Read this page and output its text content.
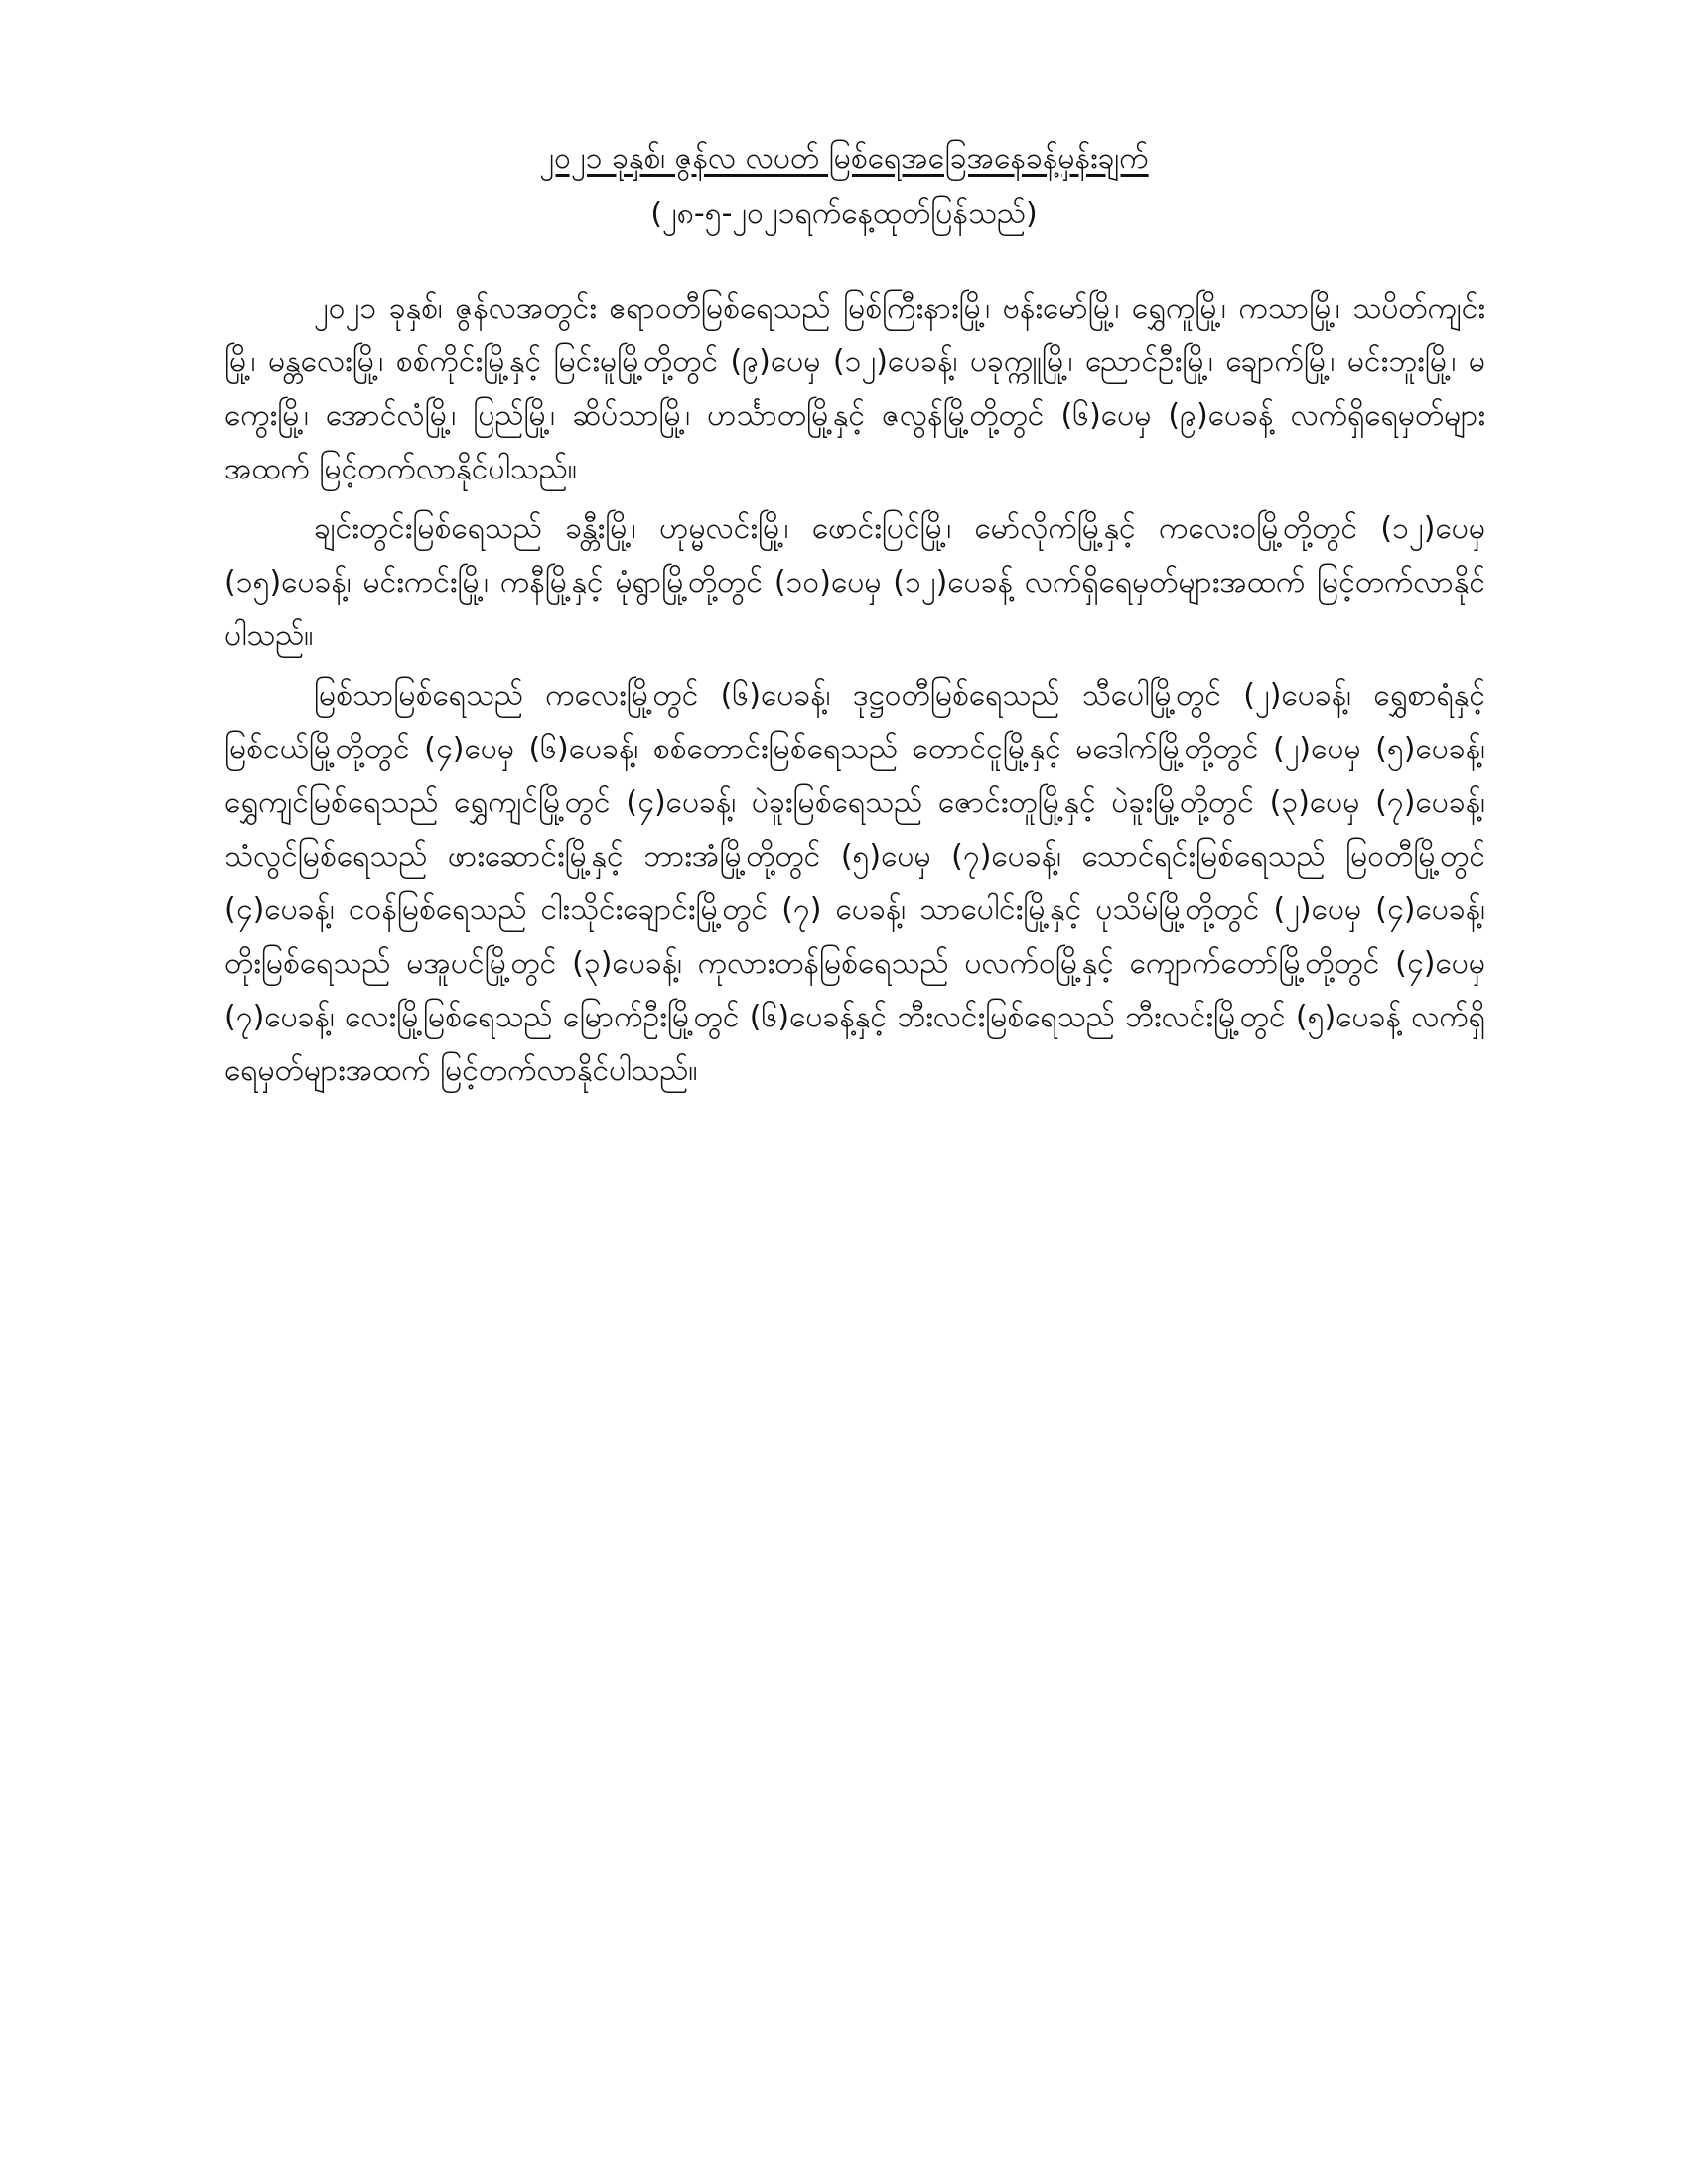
၂၀၂၁ ခုနှစ်၊ ဇွန်လ လပတ် မြစ်ရေအခြေအနေခန့်မှန်းချက်
(၂၈-၅-၂၀၂၁ရက်နေ့ထုတ်ပြန်သည်)

၂၀၂၁ ခုနှစ်၊ ဇွန်လအတွင်း ဧရာဝတီမြစ်ရေသည် မြစ်ကြီးနားမြို့၊ ဗန်းမော်မြို့၊ ရွှေကူမြို့၊ ကသာမြို့၊ သပိတ်ကျင်းမြို့၊ မန္တလေးမြို့၊ စစ်ကိုင်းမြို့နှင့် မြင်းမူမြို့တို့တွင် (၉)ပေမှ (၁၂)ပေခန့်၊ ပခုက္ကူမြို့၊ ညောင်ဦးမြို့၊ ချောက်မြို့၊ မင်းဘူးမြို့၊ မကွေးမြို့၊ အောင်လံမြို့၊ ပြည်မြို့၊ ဆိပ်သာမြို့၊ ဟင်္သာတမြို့နှင့် ဇလွန်မြို့တို့တွင် (၆)ပေမှ (၉)ပေခန့် လက်ရှိရေမှတ်များအထက် မြင့်တက်လာနိုင်ပါသည်။

ချင်းတွင်းမြစ်ရေသည် ခန္တီးမြို့၊ ဟုမ္မလင်းမြို့၊ ဖောင်းပြင်မြို့၊ မော်လိုက်မြို့နှင့် ကလေးဝမြို့တို့တွင် (၁၂)ပေမှ (၁၅)ပေခန့်၊ မင်းကင်းမြို့၊ ကနီမြို့နှင့် မုံရွာမြို့တို့တွင် (၁၀)ပေမှ (၁၂)ပေခန့် လက်ရှိရေမှတ်များအထက် မြင့်တက်လာနိုင်ပါသည်။

မြစ်သာမြစ်ရေသည် ကလေးမြို့တွင် (၆)ပေခန့်၊ ဒုဋ္ဌဝတီမြစ်ရေသည် သီပေါမြို့တွင် (၂)ပေခန့်၊ ရွှေစာရံနှင့် မြစ်ငယ်မြို့တို့တွင် (၄)ပေမှ (၆)ပေခန့်၊ စစ်တောင်းမြစ်ရေသည် တောင်ငူမြို့နှင့် မဒေါက်မြို့တို့တွင် (၂)ပေမှ (၅)ပေခန့်၊ ရွှေကျင်မြစ်ရေသည် ရွှေကျင်မြို့တွင် (၄)ပေခန့်၊ ပဲခူးမြစ်ရေသည် ဇောင်းတူမြို့နှင့် ပဲခူးမြို့တို့တွင် (၃)ပေမှ (၇)ပေခန့်၊ သံလွင်မြစ်ရေသည် ဖားဆောင်းမြို့နှင့် ဘားအံမြို့တို့တွင် (၅)ပေမှ (၇)ပေခန့်၊ သောင်ရင်းမြစ်ရေသည် မြဝတီမြို့တွင် (၄)ပေခန့်၊ ငဝန်မြစ်ရေသည် ငါးသိုင်းချောင်းမြို့တွင် (၇) ပေခန့်၊ သာပေါင်းမြို့နှင့် ပုသိမ်မြို့တို့တွင် (၂)ပေမှ (၄)ပေခန့်၊ တိုးမြစ်ရေသည် မအူပင်မြို့တွင် (၃)ပေခန့်၊ ကုလားတန်မြစ်ရေသည် ပလက်ဝမြို့နှင့် ကျောက်တော်မြို့တို့တွင် (၄)ပေမှ (၇)ပေခန့်၊ လေးမြို့မြစ်ရေသည် မြောက်ဦးမြို့တွင် (၆)ပေခန့်နှင့် ဘီးလင်းမြစ်ရေသည် ဘီးလင်းမြို့တွင် (၅)ပေခန့် လက်ရှိရေမှတ်များအထက် မြင့်တက်လာနိုင်ပါသည်။
